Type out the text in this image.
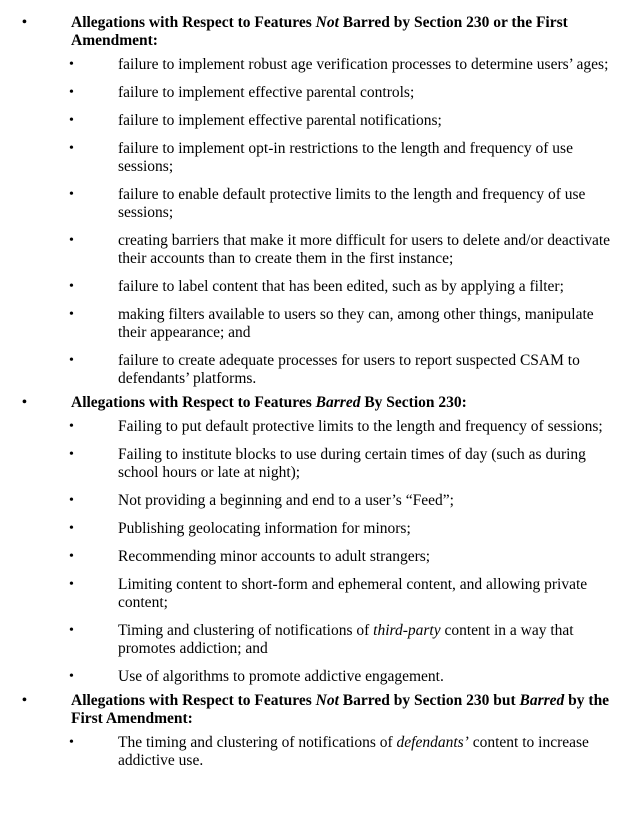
•	Allegations with Respect to Features Not Barred by Section 230 or the First Amendment:
•	failure to implement robust age verification processes to determine users’ ages;
•	failure to implement effective parental controls;
•	failure to implement effective parental notifications;
•	failure to implement opt-in restrictions to the length and frequency of use sessions;
•	failure to enable default protective limits to the length and frequency of use sessions;
•	creating barriers that make it more difficult for users to delete and/or deactivate their accounts than to create them in the first instance;
•	failure to label content that has been edited, such as by applying a filter;
•	making filters available to users so they can, among other things, manipulate their appearance; and
•	failure to create adequate processes for users to report suspected CSAM to defendants’ platforms.
•	Allegations with Respect to Features Barred By Section 230:
•	Failing to put default protective limits to the length and frequency of sessions;
•	Failing to institute blocks to use during certain times of day (such as during school hours or late at night);
•	Not providing a beginning and end to a user’s “Feed”;
•	Publishing geolocating information for minors;
•	Recommending minor accounts to adult strangers;
•	Limiting content to short-form and ephemeral content, and allowing private content;
•	Timing and clustering of notifications of third-party content in a way that promotes addiction; and
•	Use of algorithms to promote addictive engagement.
•	Allegations with Respect to Features Not Barred by Section 230 but Barred by the First Amendment:
•	The timing and clustering of notifications of defendants’ content to increase addictive use.
